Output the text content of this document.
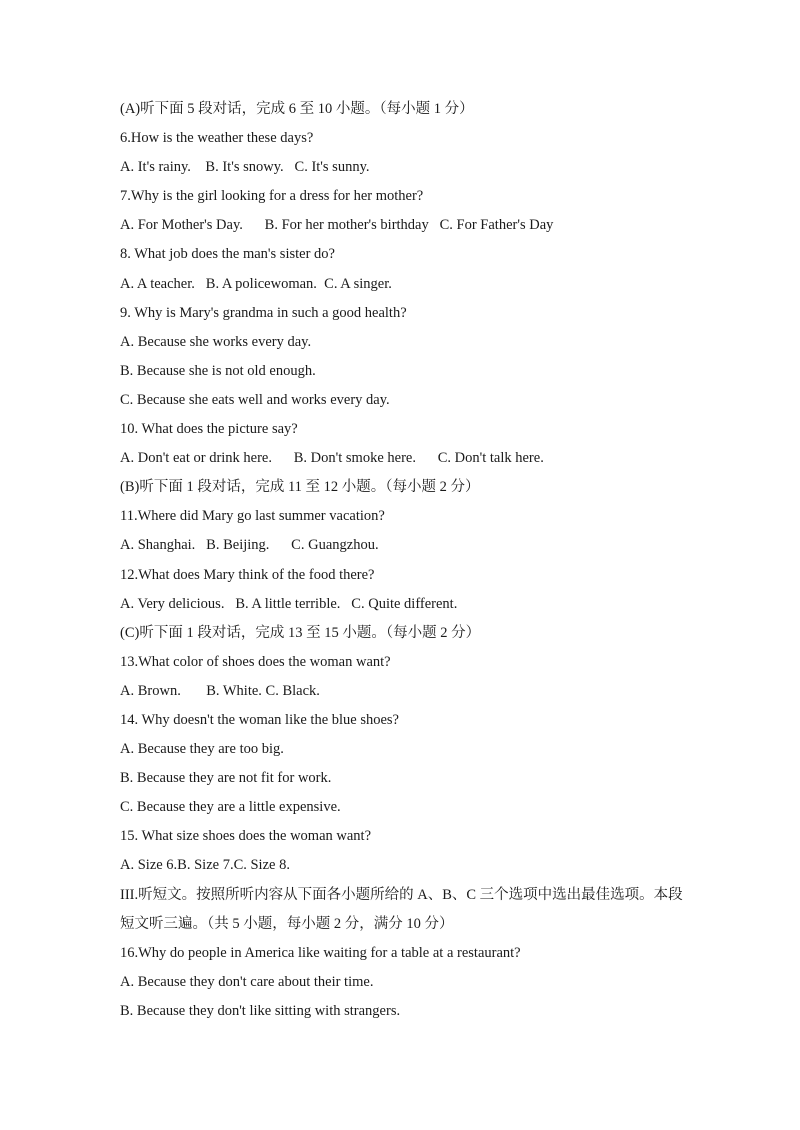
(A)听下面 5 段对话，完成 6 至 10 小题。（每小题 1 分）

6.How is the weather these days?

A. It's rainy.    B. It's snowy.   C. It's sunny.

7.Why is the girl looking for a dress for her mother?

A. For Mother's Day.      B. For her mother's birthday   C. For Father's Day

8. What job does the man's sister do?

A. A teacher.   B. A policewoman.  C. A singer.

9. Why is Mary's grandma in such a good health?

A. Because she works every day.

B. Because she is not old enough.

C. Because she eats well and works every day.

10. What does the picture say?

A. Don't eat or drink here.      B. Don't smoke here.      C. Don't talk here.

(B)听下面 1 段对话，完成 11 至 12 小题。（每小题 2 分）

11.Where did Mary go last summer vacation?

A. Shanghai.   B. Beijing.      C. Guangzhou.

12.What does Mary think of the food there?

A. Very delicious.   B. A little terrible.   C. Quite different.

(C)听下面 1 段对话，完成 13 至 15 小题。（每小题 2 分）

13.What color of shoes does the woman want?

A. Brown.       B. White. C. Black.

14. Why doesn't the woman like the blue shoes?

A. Because they are too big.

B. Because they are not fit for work.

C. Because they are a little expensive.

15. What size shoes does the woman want?

A. Size 6.B. Size 7.C. Size 8.

III.听短文。按照所听内容从下面各小题所给的 A、B、C 三个选项中选出最佳选项。本段

短文听三遍。（共 5 小题，每小题 2 分，满分 10 分）

16.Why do people in America like waiting for a table at a restaurant?

A. Because they don't care about their time.

B. Because they don't like sitting with strangers.
